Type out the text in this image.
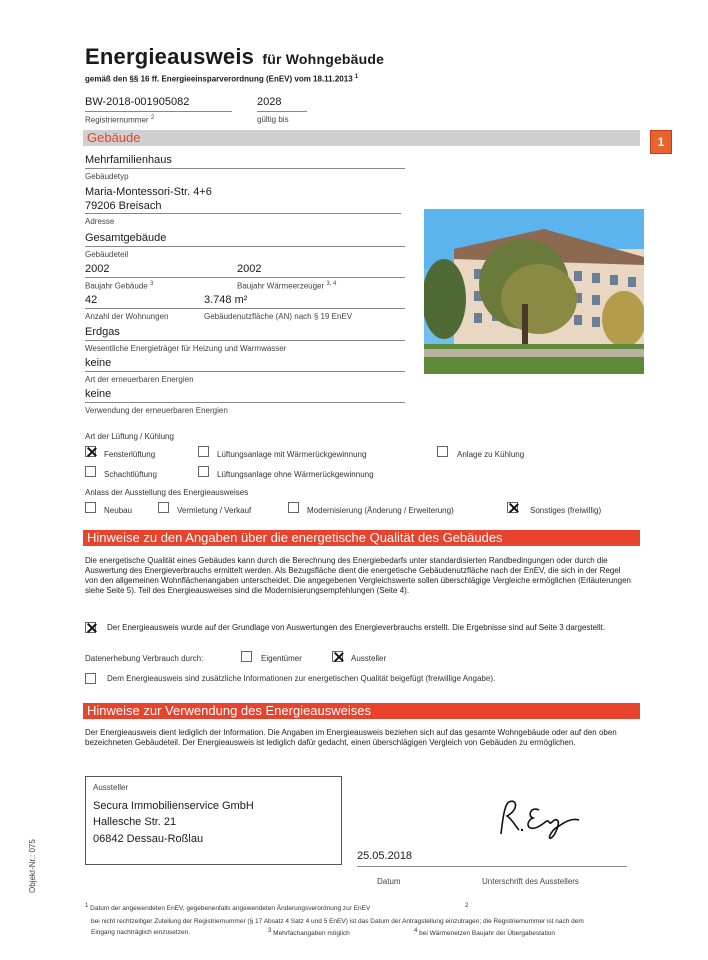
Energieausweis für Wohngebäude
gemäß den §§ 16 ff. Energieeinsparverordnung (EnEV) vom 18.11.2013 $^1$
BW-2018-001905082
Registriernummer $^2$
2028
gültig bis
Gebäude	1
Mehrfamilienhaus
Gebäudetyp
Maria-Montessori-Str. 4+6
79206 Breisach
Adresse
Gesamtgebäude
Gebäudeteil
2002	2002
Baujahr Gebäude $^3$	Baujahr Wärmeerzeuger $^{3, 4}$
42	3.748 m²
Anzahl der Wohnungen	Gebäudenutzfläche (AN) nach § 19 EnEV
Erdgas
Wesentliche Energieträger für Heizung und Warmwasser
keine
Art der erneuerbaren Energien
keine
Verwendung der erneuerbaren Energien
Art der Lüftung / Kühlung
Fensterlüftung	Lüftungsanlage mit Wärmerückgewinnung	Anlage zu Kühlung
Schachtlüftung	Lüftungsanlage ohne Wärmerückgewinnung
Anlass der Ausstellung des Energieausweises
Neubau	Vermietung / Verkauf	Modernisierung (Änderung / Erweiterung)	Sonstiges (freiwillig)
Hinweise zu den Angaben über die energetische Qualität des Gebäudes
Die energetische Qualität eines Gebäudes kann durch die Berechnung des Energiebedarfs unter standardisierten Randbedingungen oder durch die Auswertung des Energieverbrauchs ermittelt werden. Als Bezugsfläche dient die energetische Gebäudenutzfläche nach der EnEV, die sich in der Regel von den allgemeinen Wohnflächenangaben unterscheidet. Die angegebenen Vergleichswerte sollen überschlägige Vergleiche ermöglichen (Erläuterungen siehe Seite 5). Teil des Energieausweises sind die Modernisierungsempfehlungen (Seite 4).
Der Energieausweis wurde auf der Grundlage von Auswertungen des Energieverbrauchs erstellt. Die Ergebnisse sind auf Seite 3 dargestellt.
Datenerhebung Verbrauch durch:	Eigentümer	Aussteller
Dem Energieausweis sind zusätzliche Informationen zur energetischen Qualität beigefügt (freiwillige Angabe).
Hinweise zur Verwendung des Energieausweises
Der Energieausweis dient lediglich der Information. Die Angaben im Energieausweis beziehen sich auf das gesamte Wohngebäude oder auf den oben bezeichneten Gebäudeteil. Der Energieausweis ist lediglich dafür gedacht, einen überschlägigen Vergleich von Gebäuden zu ermöglichen.
Aussteller
Secura Immobilienservice GmbH
Hallesche Str. 21
06842 Dessau-Roßlau
25.05.2018
Datum	Unterschrift des Ausstellers
Objekt-Nr.: 075
$^1$ Datum der angewendeten EnEV, gegebenenfalls angewendeten Änderungsverordnung zur EnEV	$^2$
bei nicht rechtzeitiger Zuteilung der Registriernummer (§ 17 Absatz 4 Satz 4 und 5 EnEV) ist das Datum der Antragstellung einzutragen; die Registriernummer ist nach dem Eingang nachträglich einzusetzen.	$^3$ Mehrfachangaben möglich	$^4$ bei Wärmenetzen Baujahr der Übergabestation
